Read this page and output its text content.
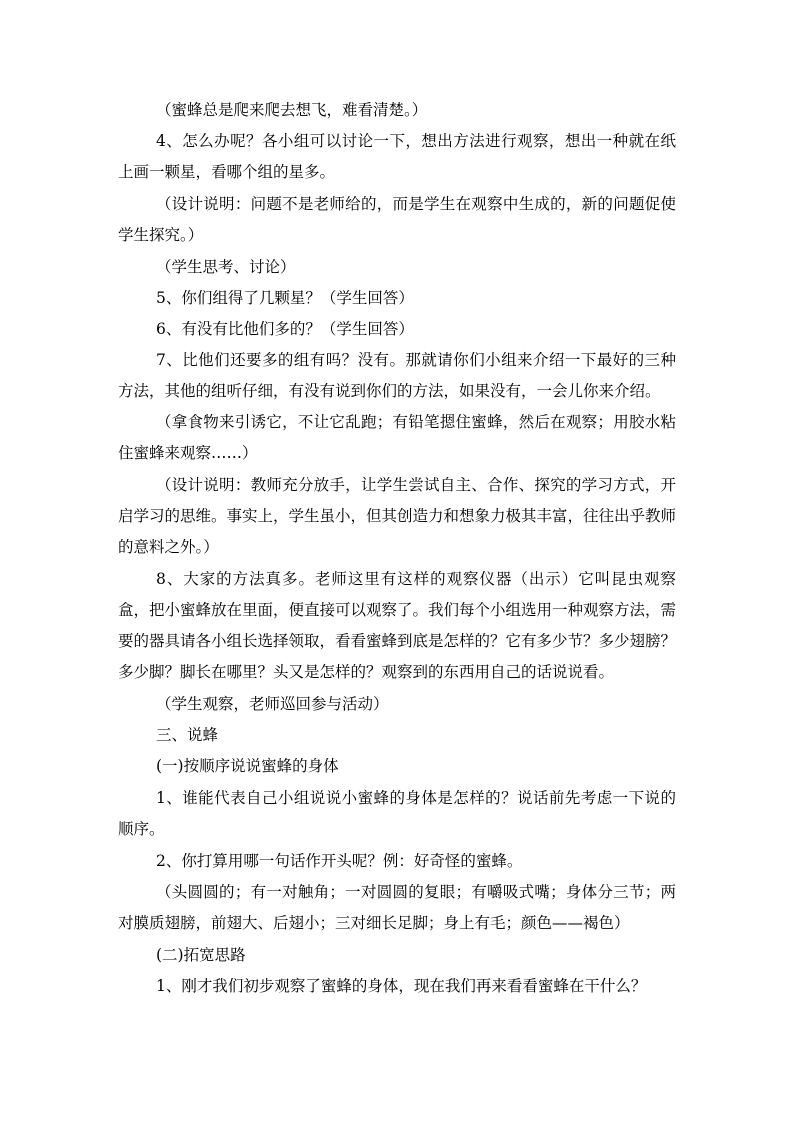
（蜜蜂总是爬来爬去想飞，难看清楚。）

4、怎么办呢？各小组可以讨论一下，想出方法进行观察，想出一种就在纸上画一颗星，看哪个组的星多。

（设计说明：问题不是老师给的，而是学生在观察中生成的，新的问题促使学生探究。）

（学生思考、讨论）

5、你们组得了几颗星？（学生回答）

6、有没有比他们多的？（学生回答）

7、比他们还要多的组有吗？没有。那就请你们小组来介绍一下最好的三种方法，其他的组听仔细，有没有说到你们的方法，如果没有，一会儿你来介绍。

（拿食物来引诱它，不让它乱跑；有铅笔摁住蜜蜂，然后在观察；用胶水粘住蜜蜂来观察……）

（设计说明：教师充分放手，让学生尝试自主、合作、探究的学习方式，开启学习的思维。事实上，学生虽小，但其创造力和想象力极其丰富，往往出乎教师的意料之外。）

8、大家的方法真多。老师这里有这样的观察仪器（出示）它叫昆虫观察盒，把小蜜蜂放在里面，便直接可以观察了。我们每个小组选用一种观察方法，需要的器具请各小组长选择领取，看看蜜蜂到底是怎样的？它有多少节？多少翅膀？多少脚？脚长在哪里？头又是怎样的？观察到的东西用自己的话说说看。

（学生观察，老师巡回参与活动）

三、说蜂

(一)按顺序说说蜜蜂的身体

1、谁能代表自己小组说说小蜜蜂的身体是怎样的？说话前先考虑一下说的顺序。

2、你打算用哪一句话作开头呢？例：好奇怪的蜜蜂。

（头圆圆的；有一对触角；一对圆圆的复眼；有嚼吸式嘴；身体分三节；两对膜质翅膀，前翅大、后翅小；三对细长足脚；身上有毛；颜色——褐色）

(二)拓宽思路

1、刚才我们初步观察了蜜蜂的身体，现在我们再来看看蜜蜂在干什么？
